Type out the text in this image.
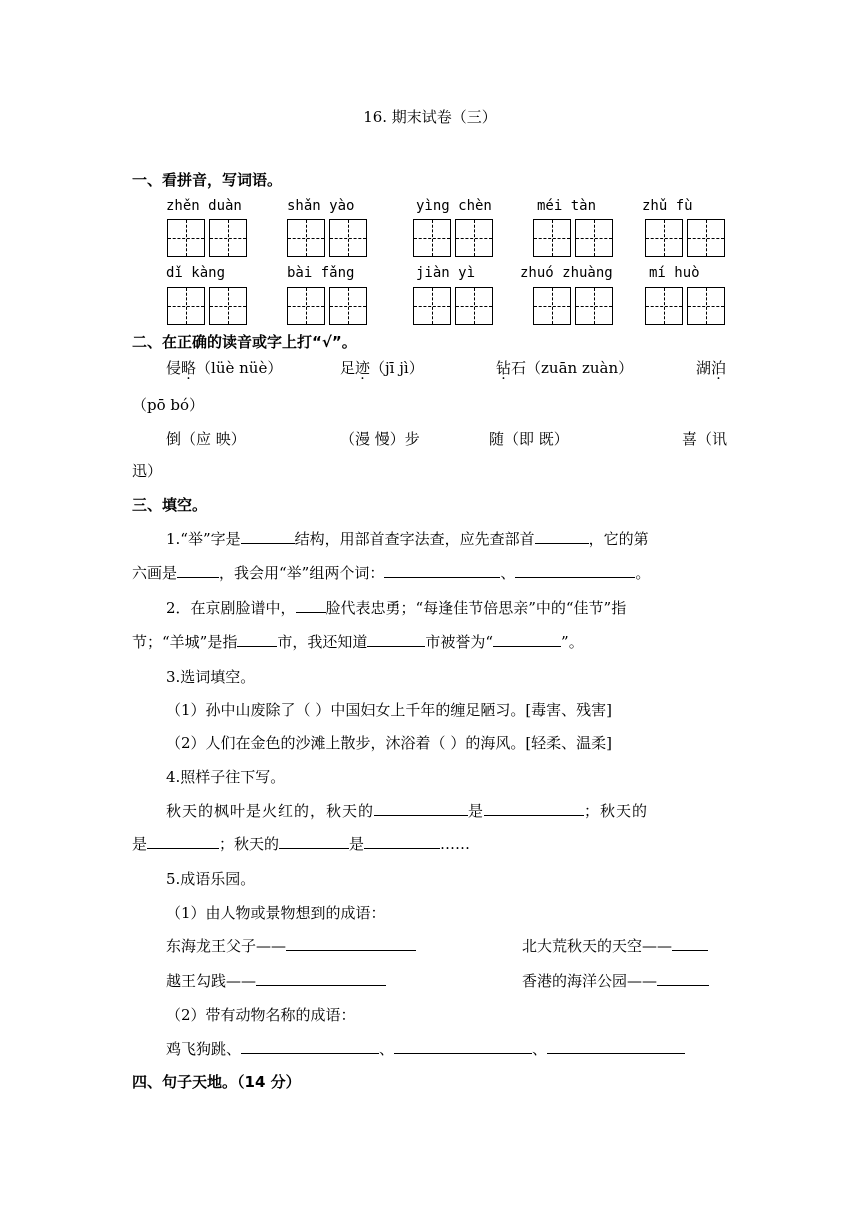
16. 期末试卷（三）
一、看拼音，写词语。
zhěn duàn	shǎn yào	yìng chèn	méi tàn	zhǔ fù
dǐ kàng	bài fǎng	jiàn yì	zhuó zhuàng	mí huò
二、在正确的读音或字上打“√”。
侵略（lüè nüè）	足迹（jī jì）	钻石（zuān zuàn）	湖泊
（pō bó）
倒（应 映）	（漫 慢）步	随（即 既）	喜（讯
迅）
三、填空。
1.“举”字是	结构，用部首查字法查，应先查部首	，它的第
六画是	，我会用“举”组两个词：	、	。
2．在京剧脸谱中， 脸代表忠勇；“每逢佳节倍思亲”中的“佳节”指
节；“羊城”是指	市，我还知道	市被誉为“	”。
3.选词填空。
（1）孙中山废除了（ ）中国妇女上千年的缠足陋习。[毒害、残害]
（2）人们在金色的沙滩上散步，沐浴着（ ）的海风。[轻柔、温柔]
4.照样子往下写。
秋天的枫叶是火红的，秋天的	是	；秋天的
是	；秋天的	是	……
5.成语乐园。
（1）由人物或景物想到的成语：
东海龙王父子——	北大荒秋天的天空——
越王勾践——	香港的海洋公园——
（2）带有动物名称的成语：
鸡飞狗跳、	、	、
四、句子天地。（14 分）
